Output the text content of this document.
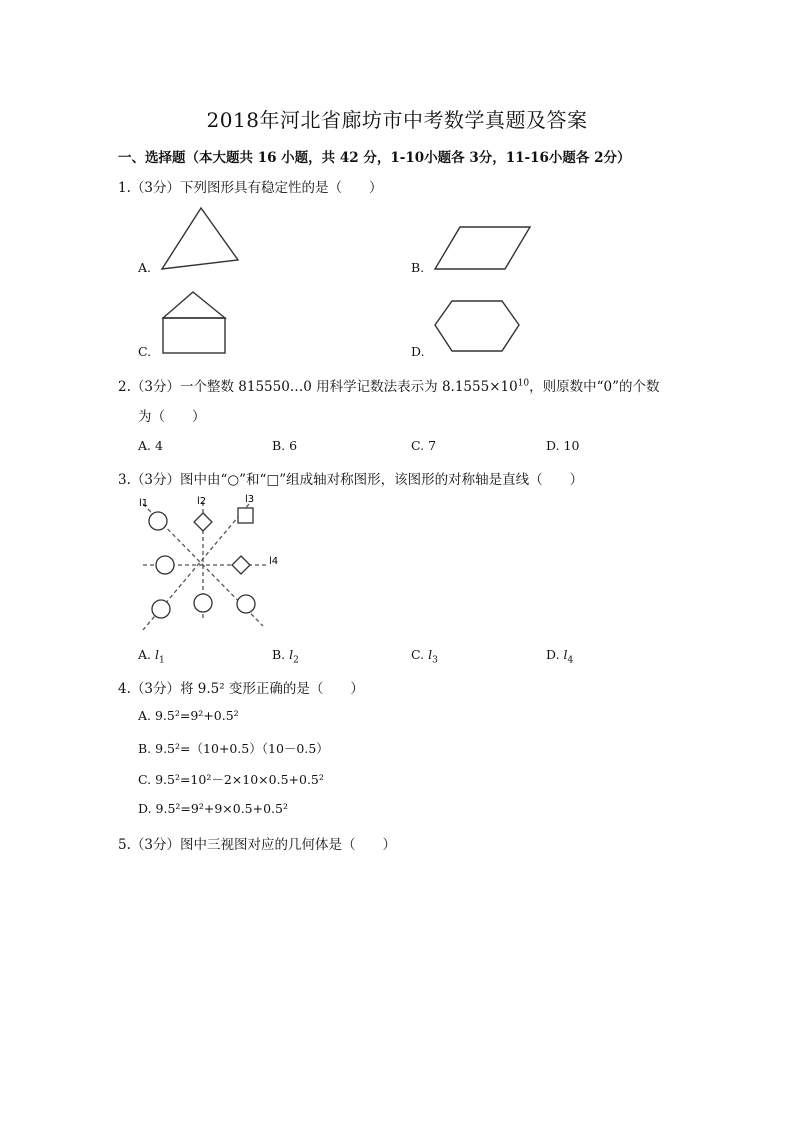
2018年河北省廊坊市中考数学真题及答案
一、选择题（本大题共 16 小题，共 42 分，1-10小题各 3分，11-16小题各 2分）
1.（3分）下列图形具有稳定性的是（　　）
A.	B.
C.	D.
2.（3分）一个整数 815550…0 用科学记数法表示为 $8.1555\times 10^{10}$，则原数中“0”的个数
为（　　）
A. 4	B. 6	C. 7	D. 10
3.（3分）图中由“○”和“□”组成轴对称图形，该图形的对称轴是直线（　　）
l1	l2	l3
l4
A. $l_1$	B. $l_2$	C. $l_3$	D. $l_4$
4.（3分）将 9.5² 变形正确的是（　　）
A. 9.5²=9²+0.5²
B. 9.5²=（10+0.5）（10－0.5）
C. 9.5²=10²－2×10×0.5+0.5²
D. 9.5²=9²+9×0.5+0.5²
5.（3分）图中三视图对应的几何体是（　　）
